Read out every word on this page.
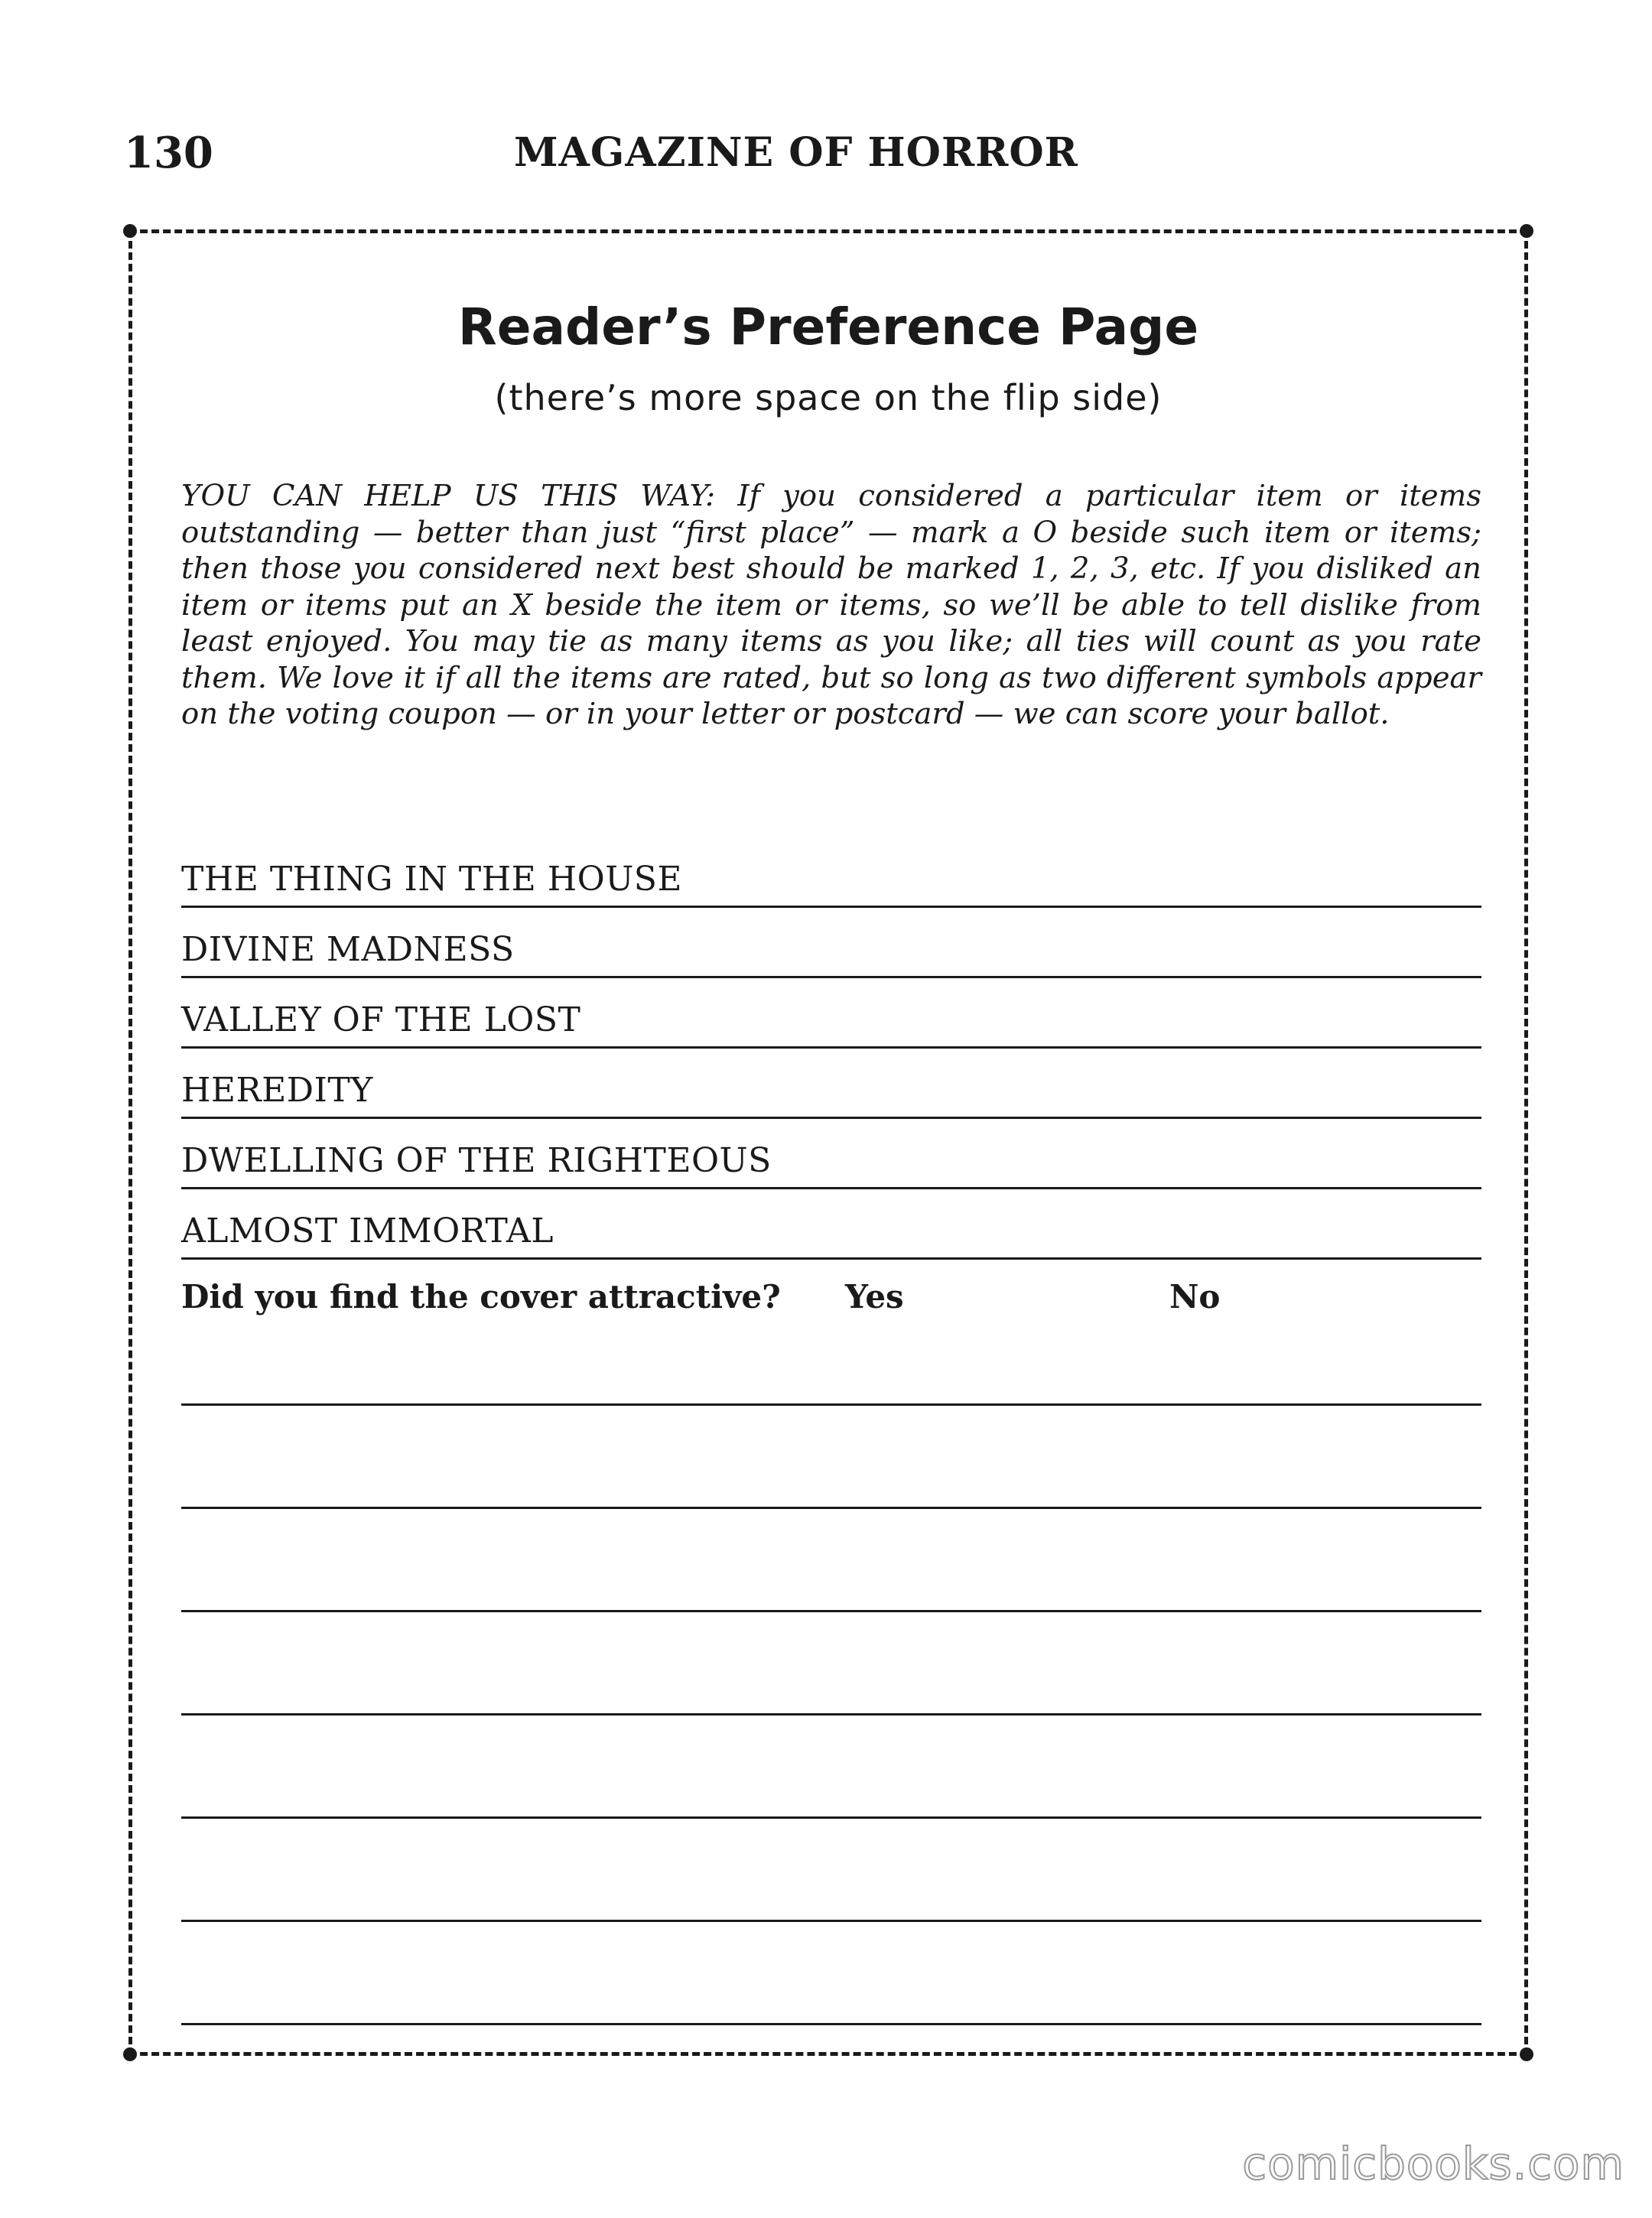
130	MAGAZINE OF HORROR
Reader’s Preference Page
(there’s more space on the flip side)

YOU CAN HELP US THIS WAY: If you considered a particular item or items outstanding — better than just “first place” — mark a O beside such item or items; then those you considered next best should be marked 1, 2, 3, etc. If you disliked an item or items put an X beside the item or items, so we’ll be able to tell dislike from least enjoyed. You may tie as many items as you like; all ties will count as you rate them. We love it if all the items are rated, but so long as two different symbols appear on the voting coupon — or in your letter or postcard — we can score your ballot.

THE THING IN THE HOUSE
DIVINE MADNESS
VALLEY OF THE LOST
HEREDITY
DWELLING OF THE RIGHTEOUS
ALMOST IMMORTAL
Did you find the cover attractive? Yes	No
comicbooks.com
